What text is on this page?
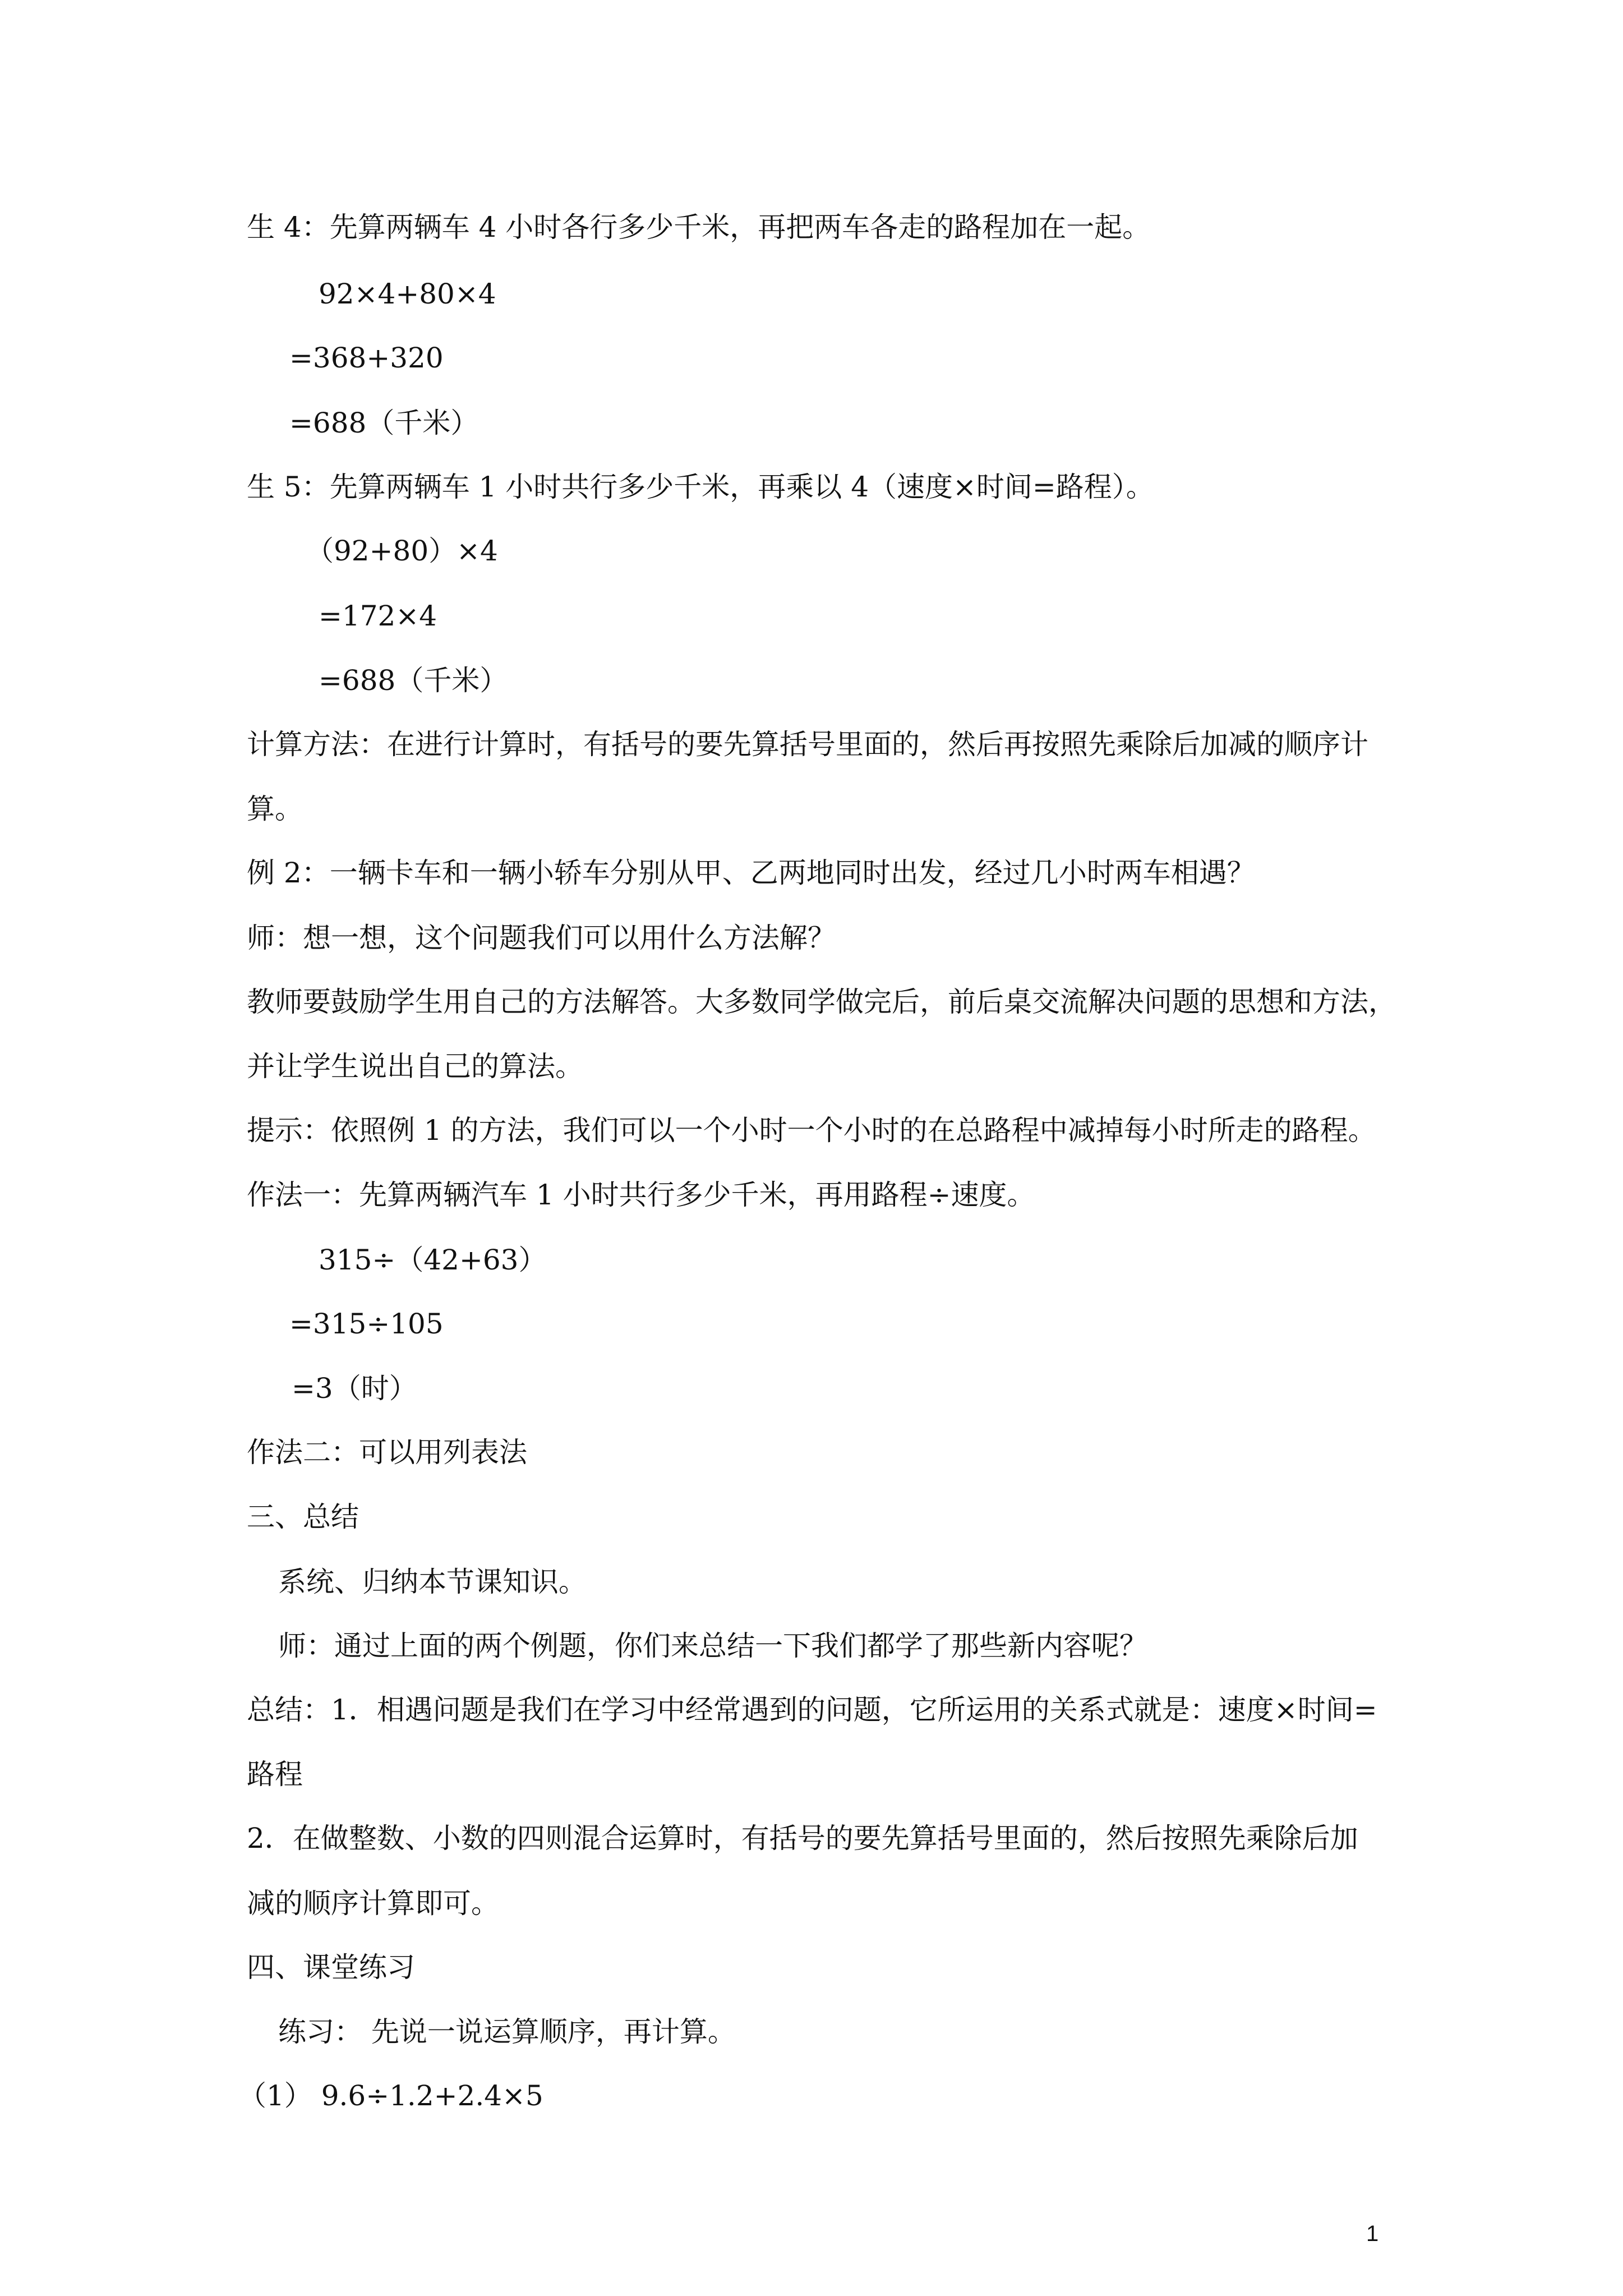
生 4：先算两辆车 4 小时各行多少千米，再把两车各走的路程加在一起。
92×4+80×4
=368+320
=688（千米）
生 5：先算两辆车 1 小时共行多少千米，再乘以 4（速度×时间=路程）。
（92+80）×4
=172×4
=688（千米）
计算方法：在进行计算时，有括号的要先算括号里面的，然后再按照先乘除后加减的顺序计
算。
例 2：一辆卡车和一辆小轿车分别从甲、乙两地同时出发，经过几小时两车相遇？
师：想一想，这个问题我们可以用什么方法解？
教师要鼓励学生用自己的方法解答。大多数同学做完后，前后桌交流解决问题的思想和方法，
并让学生说出自己的算法。
提示：依照例 1 的方法，我们可以一个小时一个小时的在总路程中减掉每小时所走的路程。
作法一：先算两辆汽车 1 小时共行多少千米，再用路程÷速度。
315÷（42+63）
=315÷105
=3（时）
作法二：可以用列表法
三、总结
系统、归纳本节课知识。
师：通过上面的两个例题，你们来总结一下我们都学了那些新内容呢？
总结：1．相遇问题是我们在学习中经常遇到的问题，它所运用的关系式就是：速度×时间=
路程
2．在做整数、小数的四则混合运算时，有括号的要先算括号里面的，然后按照先乘除后加
减的顺序计算即可。
四、课堂练习
练习： 先说一说运算顺序，再计算。
（1） 9.6÷1.2+2.4×5
1
